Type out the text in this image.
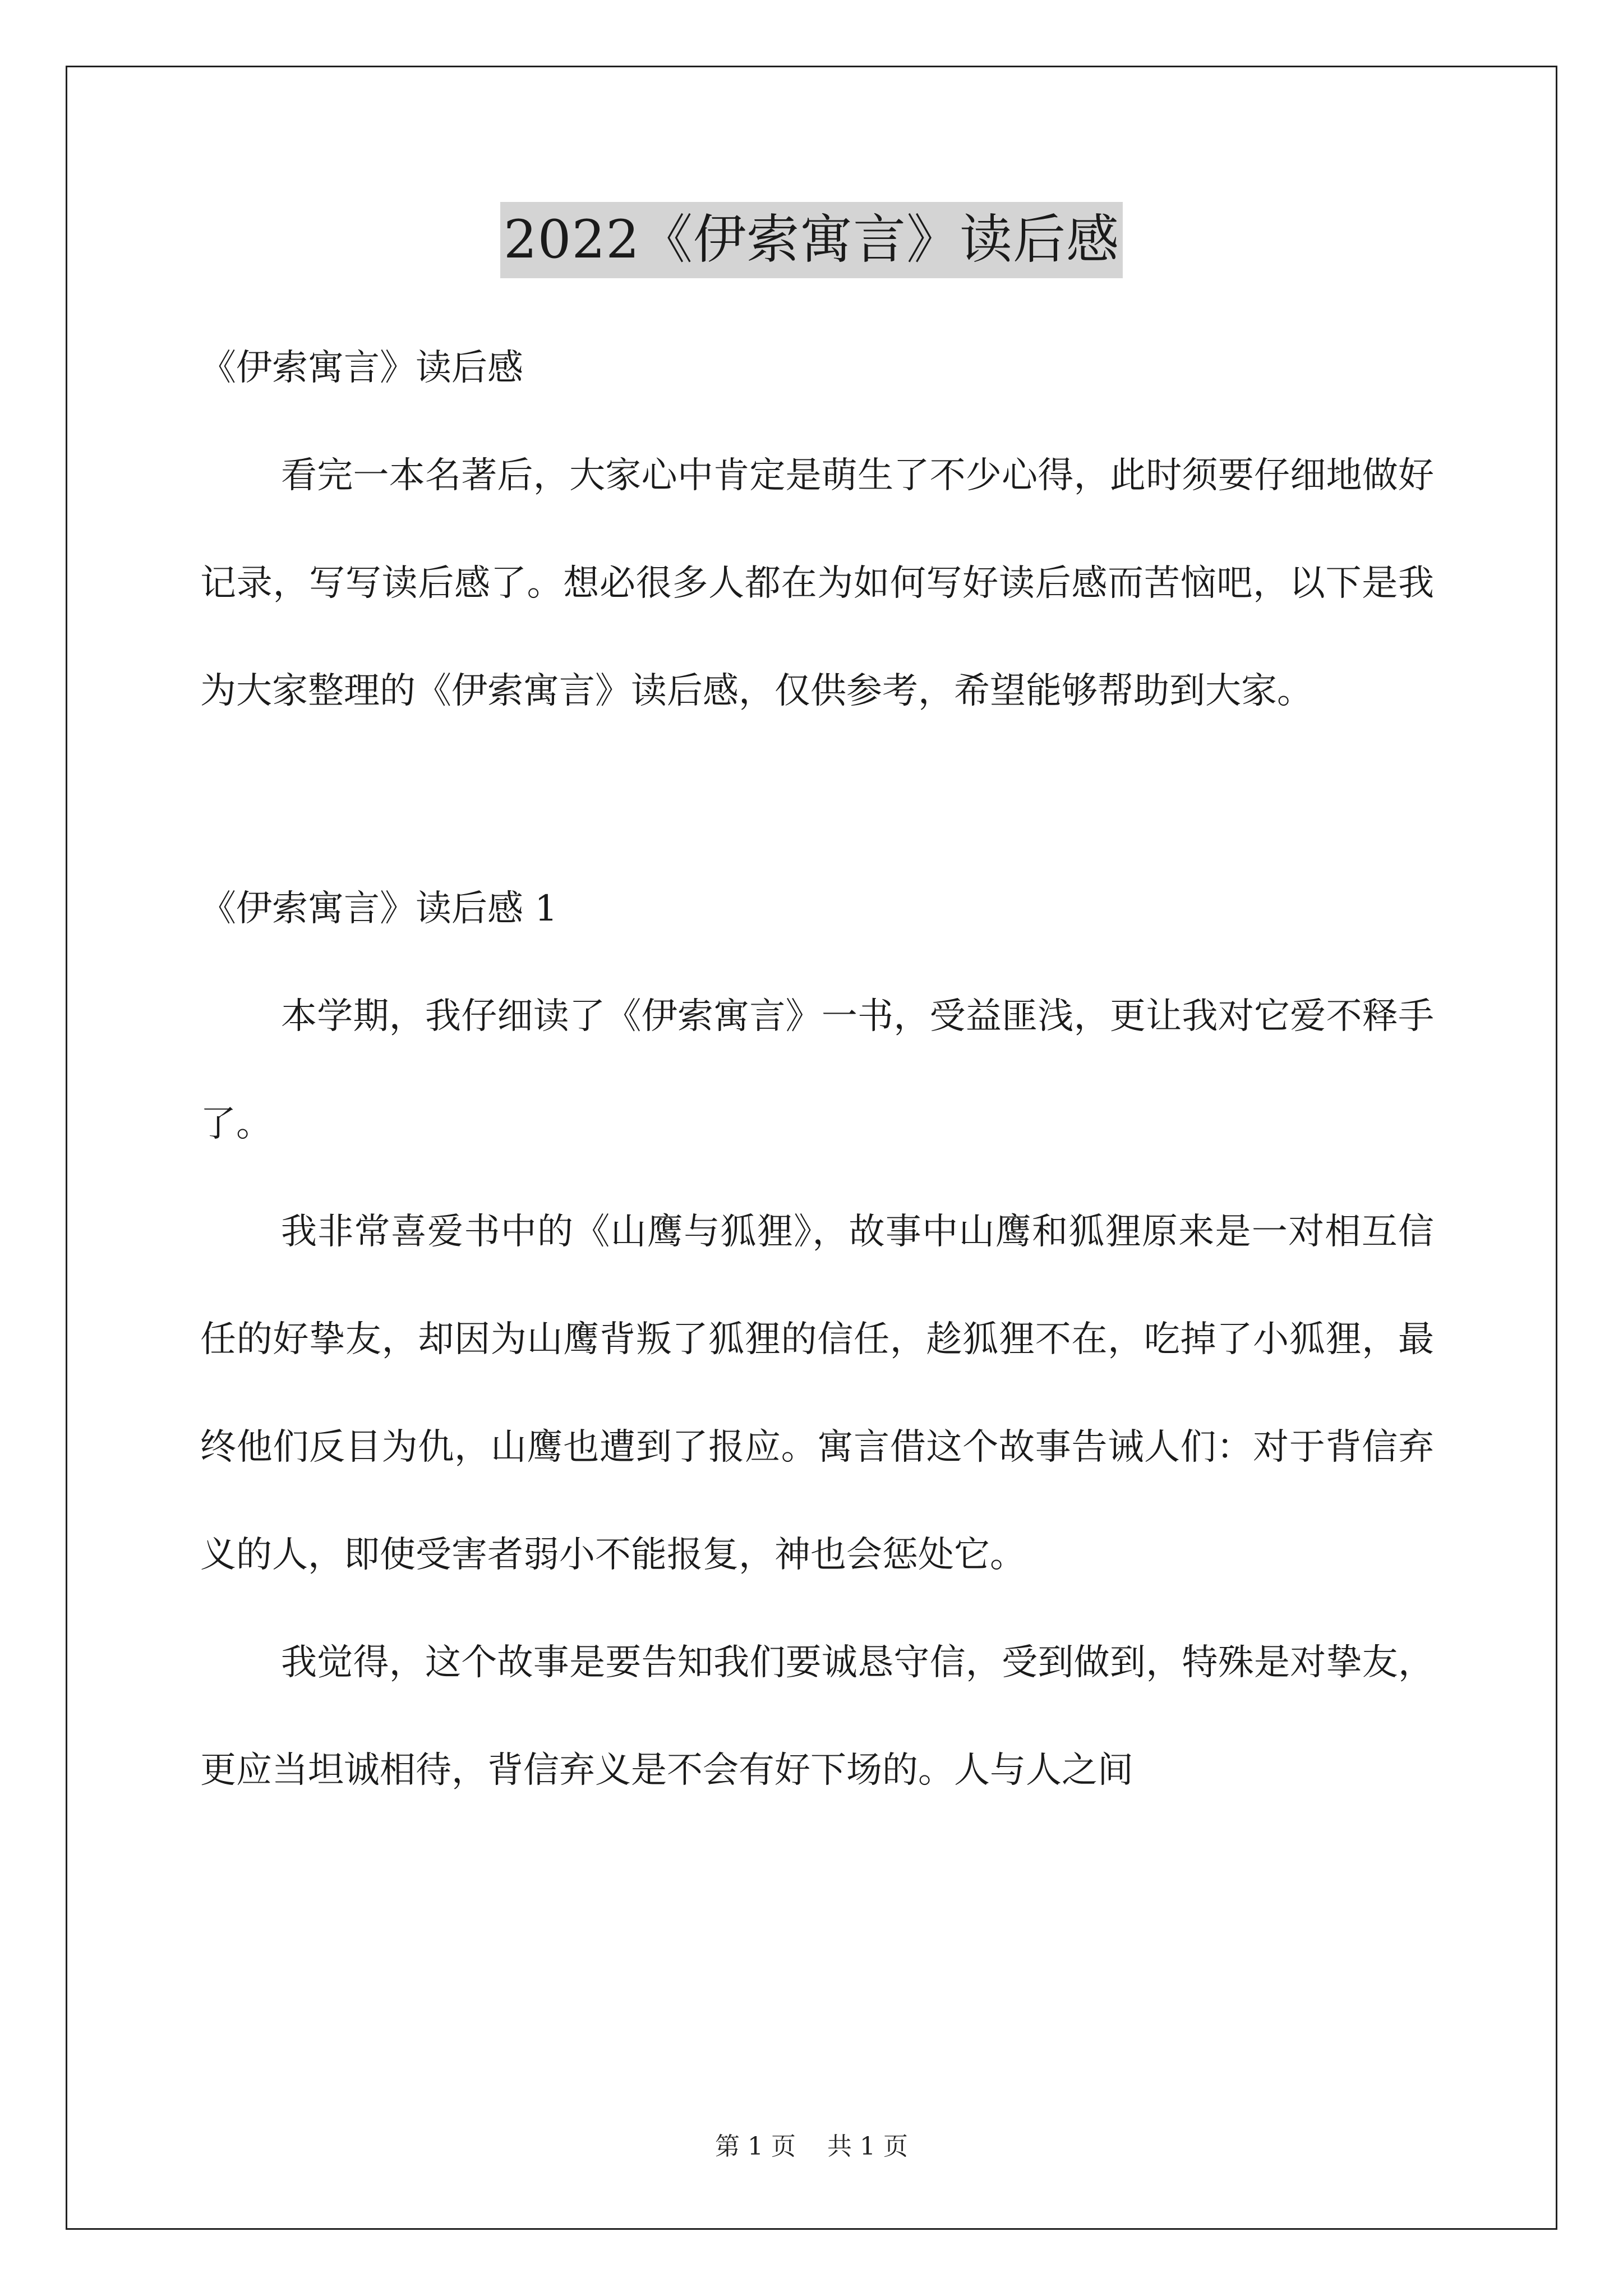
2022《伊索寓言》读后感

《伊索寓言》读后感

看完一本名著后，大家心中肯定是萌生了不少心得，此时须要仔细地做好记录，写写读后感了。想必很多人都在为如何写好读后感而苦恼吧，以下是我为大家整理的《伊索寓言》读后感，仅供参考，希望能够帮助到大家。

《伊索寓言》读后感 1

本学期，我仔细读了《伊索寓言》一书，受益匪浅，更让我对它爱不释手了。

我非常喜爱书中的《山鹰与狐狸》，故事中山鹰和狐狸原来是一对相互信任的好挚友，却因为山鹰背叛了狐狸的信任，趁狐狸不在，吃掉了小狐狸，最终他们反目为仇，山鹰也遭到了报应。寓言借这个故事告诫人们：对于背信弃义的人，即使受害者弱小不能报复，神也会惩处它。

我觉得，这个故事是要告知我们要诚恳守信，受到做到，特殊是对挚友，更应当坦诚相待，背信弃义是不会有好下场的。人与人之间

第 1 页 共 1 页
